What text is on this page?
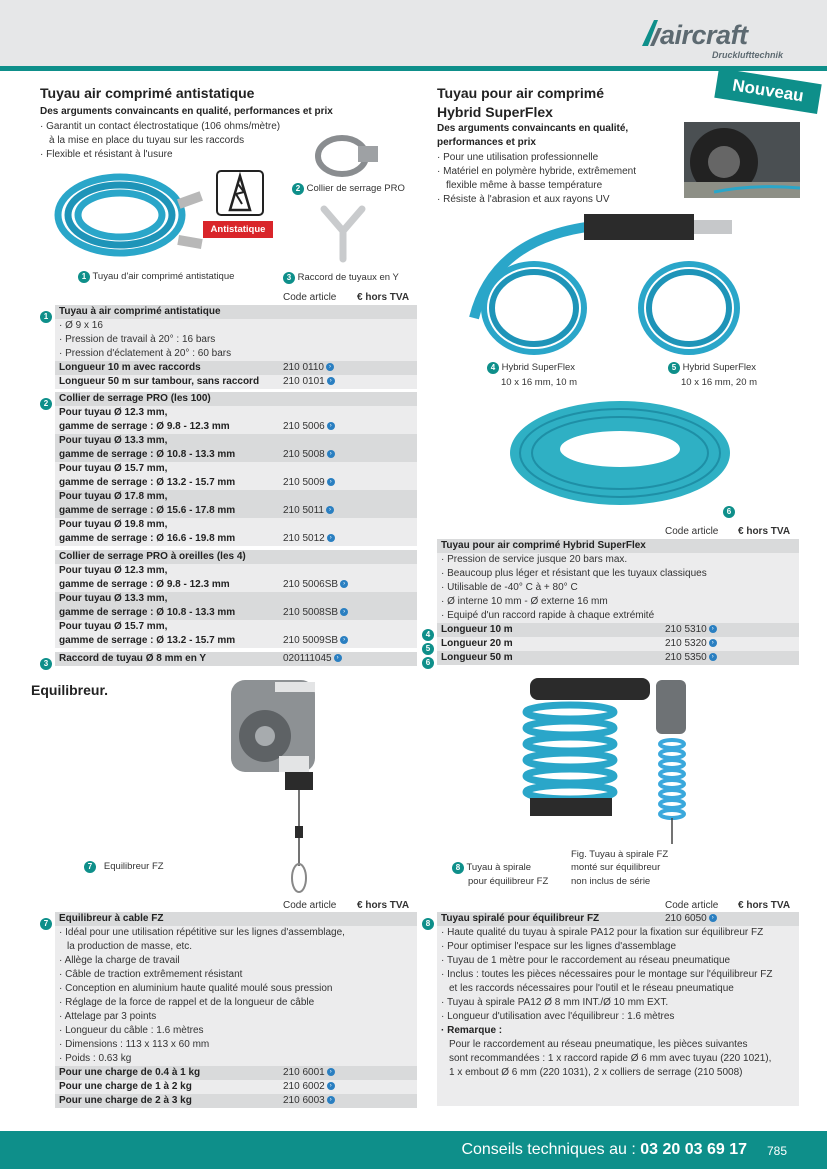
aircraft
Drucklufttechnik
Tuyau air comprimé antistatique
Des arguments convaincants en qualité, performances et prix
· Garantit un contact électrostatique (106 ohms/mètre)
à la mise en place du tuyau sur les raccords
· Flexible et résistant à l'usure
Antistatique
2 Collier de serrage PRO
1 Tuyau d'air comprimé antistatique	3 Raccord de tuyaux en Y
Code article € hors TVA
1	Tuyau à air comprimé antistatique
· Ø 9 x 16
· Pression de travail à 20° : 16 bars
· Pression d'éclatement à 20° : 60 bars
Longueur 10 m avec raccords	210 0110 ›
Longueur 50 m sur tambour, sans raccord 210 0101 ›
2	Collier de serrage PRO (les 100)
Pour tuyau Ø 12.3 mm,
gamme de serrage : Ø 9.8 - 12.3 mm	210 5006 ›
Pour tuyau Ø 13.3 mm,
gamme de serrage : Ø 10.8 - 13.3 mm	210 5008 ›
Pour tuyau Ø 15.7 mm,
gamme de serrage : Ø 13.2 - 15.7 mm	210 5009 ›
Pour tuyau Ø 17.8 mm,
gamme de serrage : Ø 15.6 - 17.8 mm	210 5011 ›
Pour tuyau Ø 19.8 mm,
gamme de serrage : Ø 16.6 - 19.8 mm	210 5012 ›
Collier de serrage PRO à oreilles (les 4)
Pour tuyau Ø 12.3 mm,
gamme de serrage : Ø 9.8 - 12.3 mm	210 5006SB ›
Pour tuyau Ø 13.3 mm,
gamme de serrage : Ø 10.8 - 13.3 mm	210 5008SB ›
Pour tuyau Ø 15.7 mm,
gamme de serrage : Ø 13.2 - 15.7 mm	210 5009SB ›
3	Raccord de tuyau Ø 8 mm en Y	020111045 ›
Tuyau pour air comprimé
Hybrid SuperFlex
Des arguments convaincants en qualité,
performances et prix
· Pour une utilisation professionnelle
· Matériel en polymère hybride, extrêmement
flexible même à basse température
· Résiste à l'abrasion et aux rayons UV
Nouveau
4 Hybrid SuperFlex
10 x 16 mm, 10 m
5 Hybrid SuperFlex
10 x 16 mm, 20 m
6
Code article € hors TVA
Tuyau pour air comprimé Hybrid SuperFlex
· Pression de service jusque 20 bars max.
· Beaucoup plus léger et résistant que les tuyaux classiques
· Utilisable de -40° C à + 80° C
· Ø interne 10 mm - Ø externe 16 mm
· Equipé d'un raccord rapide à chaque extrémité
4	Longueur 10 m	210 5310 ›
5	Longueur 20 m	210 5320 ›
6	Longueur 50 m	210 5350 ›
Equilibreur.
7 Equilibreur FZ
Fig. Tuyau à spirale FZ
monté sur équilibreur
non inclus de série
8 Tuyau à spirale
pour équilibreur FZ
Code article € hors TVA
7	Equilibreur à cable FZ
· Idéal pour une utilisation répétitive sur les lignes d'assemblage,
la production de masse, etc.
· Allège la charge de travail
· Câble de traction extrêmement résistant
· Conception en aluminium haute qualité moulé sous pression
· Réglage de la force de rappel et de la longueur de câble
· Attelage par 3 points
· Longueur du câble : 1.6 mètres
· Dimensions : 113 x 113 x 60 mm
· Poids : 0.63 kg
Pour une charge de 0.4 à 1 kg	210 6001 ›
Pour une charge de 1 à 2 kg	210 6002 ›
Pour une charge de 2 à 3 kg	210 6003 ›
Code article € hors TVA
8	Tuyau spiralé pour équilibreur FZ	210 6050 ›
· Haute qualité du tuyau à spirale PA12 pour la fixation sur équilibreur FZ
· Pour optimiser l'espace sur les lignes d'assemblage
· Tuyau de 1 mètre pour le raccordement au réseau pneumatique
· Inclus : toutes les pièces nécessaires pour le montage sur l'équilibreur FZ
et les raccords nécessaires pour l'outil et le réseau pneumatique
· Tuyau à spirale PA12 Ø 8 mm INT./Ø 10 mm EXT.
· Longueur d'utilisation avec l'équilibreur : 1.6 mètres
· Remarque :
Pour le raccordement au réseau pneumatique, les pièces suivantes
sont recommandées : 1 x raccord rapide Ø 6 mm avec tuyau (220 1021),
1 x embout Ø 6 mm (220 1031), 2 x colliers de serrage (210 5008)
Conseils techniques au : 03 20 03 69 17 785
